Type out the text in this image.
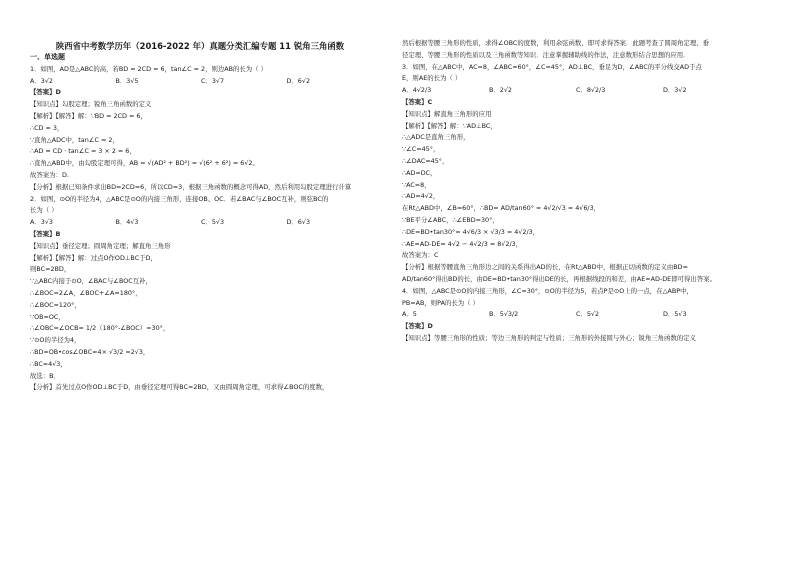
陕西省中考数学历年（2016-2022 年）真题分类汇编专题 11 锐角三角函数
一、单选题
1．如图，AD是△ABC的高，若BD = 2CD = 6，tan∠C = 2，则边AB的长为（ ）
A．3√2	B．3√5	C．3√7	D．6√2
【答案】D
【知识点】勾股定理；锐角三角函数的定义
【解析】【解答】解：∵BD = 2CD = 6，
∴CD = 3，
∵直角△ADC中，tan∠C = 2，
∴AD = CD · tan∠C = 3 × 2 = 6，
∴直角△ABD中，由勾股定理可得，AB = √(AD² + BD²) = √(6² + 6²) = 6√2。
故答案为：D.
【分析】根据已知条件求出BD=2CD=6，所以CD=3，根据三角函数的概念可得AD，然后利用勾股定理进行计算
2．如图，⊙O的半径为4，△ABC是⊙O的内接三角形，连接OB、OC．若∠BAC与∠BOC互补，则弦BC的
长为（ ）
A．3√3	B．4√3	C．5√3	D．6√3
【答案】B
【知识点】垂径定理；圆周角定理；解直角三角形
【解析】【解答】解：过点O作OD⊥BC于D，
则BC=2BD，
∵△ABC内接于⊙O，∠BAC与∠BOC互补，
∴∠BOC=2∠A，∠BOC+∠A=180°，
∴∠BOC=120°，
∵OB=OC，
∴∠OBC=∠OCB= 1/2（180°-∠BOC）=30°，
∵⊙O的半径为4，
∴BD=OB•cos∠OBC=4× √3/2 =2√3，
∴BC=4√3，
故选：B．
【分析】首先过点O作OD⊥BC于D，由垂径定理可得BC=2BD，又由圆周角定理，可求得∠BOC的度数，
然后根据等腰三角形的性质，求得∠OBC的度数，利用余弦函数，即可求得答案．此题考查了圆周角定理、垂
径定理、等腰三角形的性质以及三角函数等知识．注意掌握辅助线的作法，注意数形结合思想的应用．
3．如图，在△ABC中，AC=8，∠ABC=60°，∠C=45°，AD⊥BC，垂足为D，∠ABC的平分线交AD于点
E，则AE的长为（ ）
A．4√2/3	B．2√2	C．8√2/3	D．3√2
【答案】C
【知识点】解直角三角形的应用
【解析】【解答】解：∵AD⊥BC，
∴△ADC是直角三角形，
∵∠C=45°，
∴∠DAC=45°，
∴AD=DC，
∵AC=8，
∴AD=4√2，
在Rt△ABD中，∠B=60°，∴BD= AD/tan60° = 4√2/√3 = 4√6/3，
∵BE平分∠ABC，∴∠EBD=30°，
∴DE=BD•tan30°= 4√6/3 × √3/3 = 4√2/3，
∴AE=AD-DE= 4√2 − 4√2/3 = 8√2/3，
故答案为：C
【分析】根据等腰直角三角形边之间的关系得出AD的长，在Rt△ABD中，根据正切函数的定义由BD=
AD/tan60°得出BD的长，由DE=BD•tan30°得出DE的长，再根据线段的和差，由AE=AD-DE即可得出答案。
4．如图，△ABC是⊙O的内接三角形，∠C=30°，⊙O的半径为5，若点P是⊙O上的一点，在△ABP中，
PB=AB，则PA的长为（ ）
A．5	B．5√3/2	C．5√2	D．5√3
【答案】D
【知识点】等腰三角形的性质；等边三角形的判定与性质；三角形的外接圆与外心；锐角三角函数的定义
